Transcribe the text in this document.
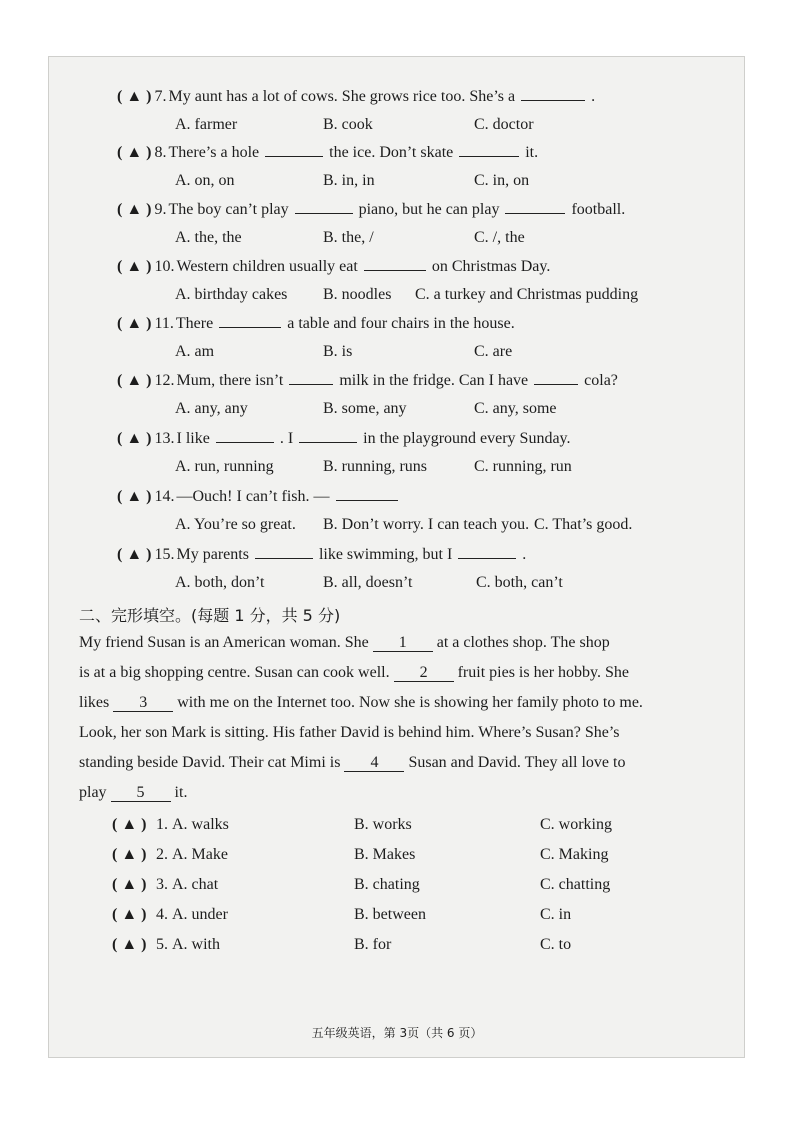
( ▲ ) 7. My aunt has a lot of cows. She grows rice too. She’s a	.
A. farmer	B. cook	C. doctor
( ▲ ) 8. There’s a hole	the ice. Don’t skate	it.
A. on, on	B. in, in	C. in, on
( ▲ ) 9. The boy can’t play	piano, but he can play	football.
A. the, the	B. the, /	C. /, the
( ▲ ) 10. Western children usually eat	on Christmas Day.
A. birthday cakes B. noodles C. a turkey and Christmas pudding
( ▲ ) 11. There	a table and four chairs in the house.
A. am	B. is	C. are
( ▲ ) 12. Mum, there isn’t	milk in the fridge. Can I have	cola?
A. any, any	B. some, any	C. any, some
( ▲ ) 13. I like	. I	in the playground every Sunday.
A. run, running	B. running, runs	C. running, run
( ▲ ) 14. —Ouch! I can’t fish. —
A. You’re so great. B. Don’t worry. I can teach you. C. That’s good.
( ▲ ) 15. My parents	like swimming, but I	.
A. both, don’t	B. all, doesn’t	C. both, can’t
二、完形填空。(每题 1 分，共 5 分)
My friend Susan is an American woman. She 1 at a clothes shop. The shop
is at a big shopping centre. Susan can cook well. 2 fruit pies is her hobby. She
likes 3 with me on the Internet too. Now she is showing her family photo to me.
Look, her son Mark is sitting. His father David is behind him. Where’s Susan? She’s
standing beside David. Their cat Mimi is 4 Susan and David. They all love to
play 5 it.
( ▲ ) 1. A. walks	B. works	C. working
( ▲ ) 2. A. Make	B. Makes	C. Making
( ▲ ) 3. A. chat	B. chating	C. chatting
( ▲ ) 4. A. under	B. between	C. in
( ▲ ) 5. A. with	B. for	C. to
五年级英语，第 3页（共 6 页）
